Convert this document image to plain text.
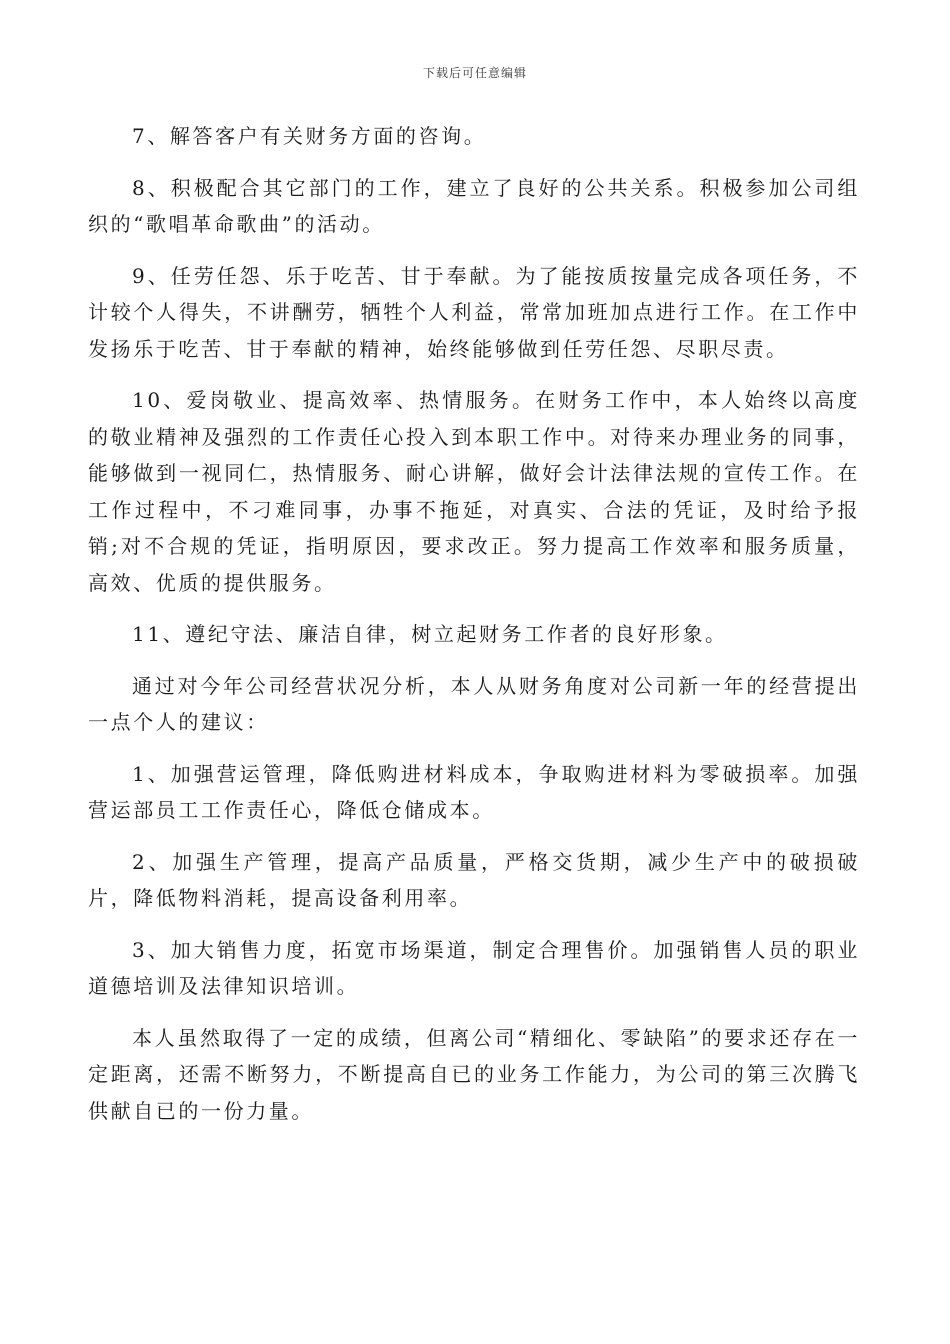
下载后可任意编辑

7、解答客户有关财务方面的咨询。

8、积极配合其它部门的工作，建立了良好的公共关系。积极参加公司组织的“歌唱革命歌曲”的活动。

9、任劳任怨、乐于吃苦、甘于奉献。为了能按质按量完成各项任务，不计较个人得失，不讲酬劳，牺牲个人利益，常常加班加点进行工作。在工作中发扬乐于吃苦、甘于奉献的精神，始终能够做到任劳任怨、尽职尽责。

10、爱岗敬业、提高效率、热情服务。在财务工作中，本人始终以高度的敬业精神及强烈的工作责任心投入到本职工作中。对待来办理业务的同事，能够做到一视同仁，热情服务、耐心讲解，做好会计法律法规的宣传工作。在工作过程中，不刁难同事，办事不拖延，对真实、合法的凭证，及时给予报销;对不合规的凭证，指明原因，要求改正。努力提高工作效率和服务质量，高效、优质的提供服务。

11、遵纪守法、廉洁自律，树立起财务工作者的良好形象。

通过对今年公司经营状况分析，本人从财务角度对公司新一年的经营提出一点个人的建议：

1、加强营运管理，降低购进材料成本，争取购进材料为零破损率。加强营运部员工工作责任心，降低仓储成本。

2、加强生产管理，提高产品质量，严格交货期，减少生产中的破损破片，降低物料消耗，提高设备利用率。

3、加大销售力度，拓宽市场渠道，制定合理售价。加强销售人员的职业道德培训及法律知识培训。

本人虽然取得了一定的成绩，但离公司“精细化、零缺陷”的要求还存在一定距离，还需不断努力，不断提高自已的业务工作能力，为公司的第三次腾飞供献自已的一份力量。
